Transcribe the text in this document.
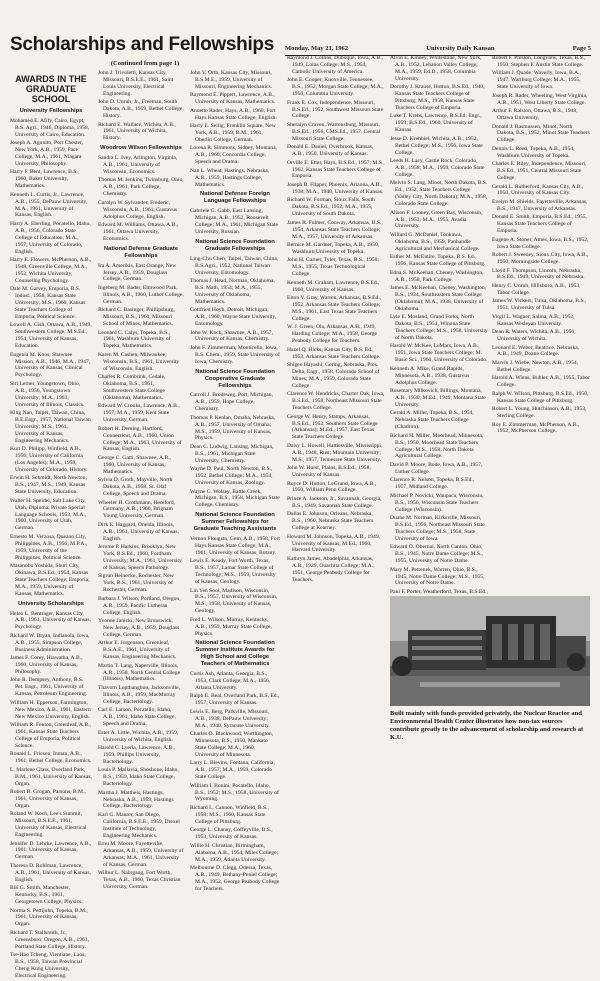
Monday, May 21, 1962	University Daily Kansan	Page 5
Scholarships and Fellowships
(Continued from page 1)
AWARDS IN THE GRADUATE SCHOOL
University Fellowships
Mohamed E. Afify, Cairo, Egypt, B.S. Agri., 1946, Diploma, 1958, University of Cairo, Education.
Joseph A. Agonito, Port Chester, New York, A.B., 1959, Pace College, M.A., 1961, Niagara University, Philosophy.
Harry F. Bent, Lawrence, B.S., 1960, Baker University, Mathematics.
Kenneth L. Curtis, Jr., Lawrence, A.B., 1955, DePauw University, M.A., 1961, University of Kansas, English.
Harry A. Eberling, Pocatello, Idaho, A.B., 1956, Colorado State College of Education, M.A., 1957, University of Colorado, English.
Harry E. Flowers, McPherson, A.B., 1948, Greenville College, M.A., 1952, Wichita University, Counseling Psychology.
Dale M. Garvey, Emporia, B.S. Indust., 1958, Kansas State University; M.S., 1960, Kansas State Teachers College of Emporia, Political Science.
Lowell A. Gish, Ottawa, A.B., 1949, Southwestern College; M.S.Ed., 1954, University of Kansas, Education.
Eugenia M. Koos, Shawnee Mission, A.B., 1946, M.A., 1947, University of Kansas, Clinical Psychology.
Siri Lerner, Youngstown, Ohio, A.B., 1956, Youngstown University; M.A., 1961, University of Illinois, Classics.
King Nan, Taipei, Taiwan, China, B.E.Engr., 1957, National Taiwan University; M.S., 1961, University of Kansas, Engineering Mechanics.
Kurt D. Philipp, Winfield, A.B., 1956; University of California (Los Angeles); M.A., 1959, University of Colorado, History.
Erwin H. Schmidt, North Newton, B.S., 1947, M.S., 1949, Kansas State University, Education.
Walter H. Speidel, Salt Lake City, Utah, Diploma, Private Special Language Schools, 1953, M.A., 1960, University of Utah, German.
Ernesto M. Verzosa, Quezon City, Philippines, A.B., 1956; M.P.A., 1959, University of the Philippines, Political Science.
Masanobu Yoshida, Shuri City, Okinawa, B.S.Ed., 1954, Kansas State Teachers College, Emporia; M.A., 1959, University of Kansas, Mathematics.
University Scholarships
Helen L. Bentrager, Kansas City, A.B., 1961, University of Kansas, Psychology.
Richard W. Bryan, Indianola, Iowa, A.B., 1955, Simpson College, Business Administration.
James F. Corey, Hiawatha, A.B., 1960, University of Kansas, Philosophy.
John R. Dempsey, Anthony, B.S. Pet. Engr., 1961, University of Kansas, Petroleum Engineering.
William H. Epperson, Farmington, New Mexico, A.B., 1961, Eastern New Mexico University, English.
William R. Fenton, Greenleaf, A.B., 1961, Kansas State Teachers College of Emporia, Political Science.
Ronald L. Friesen, Inman, A.B., 1961, Bethel College, Economics.
L. Marlene Glass, Overland Park, B.M., 1961, University of Kansas, Organ.
Robert B. Grogan, Parsons, B.M., 1961, University of Kansas, Organ.
Roland W. Koch, Lee's Summit, Missouri, B.S.E.E., 1961, University of Kansas, Electrical Engineering.
Jennifer D. Lehrke, Lawrence, A.B., 1961, University of Kansas, German.
Theresa D. Rohlman, Lawrence, A.B., 1961, University of Kansas, English.
Bill G. Smith, Manchester, Kentucky, B.S., 1961, Georgetown College, Physics.
Norma S. Pettijohn, Topeka, B.M., 1961, University of Kansas, Organ.
Richard T. Stallsmith, Jr., Greensboro, Oregon, A.B., 1961, Portland State College, History.
Tse-Hao Tcheng, Vientiane, Laos, B.S., 1958, Taiwan Provincial Cheng Kung University, Electrical Engineering.
John J. Trivoletti, Kansas City, Missouri, B.S.E.E., 1961, Saint Louis University, Electrical Engineering.
John D. Unruh, Jr., Freeman, South Dakota, A.B., 1959, Bethel College, History.
Richard E. Wallace, Wichita, A.B., 1961, University of Wichita, History.
Woodrow Wilson Fellowships
Sandra L. Ivey, Arlington, Virginia, A.B., 1961, University of Wisconsin, Economics.
Thomas M. Jenkins, Twinsburg, Ohio, A.B., 1961, Park College, Chemistry.
Carolyn W. Sylvander, Frederic, Wisconsin, A.B., 1961, Gustavus Adolphus College, English.
Edward M. Williams, Ottawa, A.B., 1961, Ottawa University, Economics.
National Defense Graduate Fellowships
Ira A. Amerikis, East Orange, New Jersey, A.B., 1959, Douglass College, German.
Ingeberg M. Bader, Elmwood Park, Illinois, A.B., 1960, Luther College, German.
Richard C. Basinger, Phillipsburg, Missouri, B.S., 1960, Missouri School of Mines, Mathematics.
Leonard C. Calys, Topeka, B.S., 1961, Washburn University of Topeka, Mathematics.
Karen M. Cashen, Milwaukee, Wisconsin, B.S., 1961, University of Wisconsin, English.
Charles R. Combrink, Cedale, Oklahoma, B.S., 1961, Southwestern State College (Oklahoma), Mathematics.
Edward W. Crooks, Lawrence, A.B., 1957; M.A., 1959, Kent State University, German.
Robert H. Deming, Hartford, Connecticut, A.B., 1960, Union College; M.A., 1963, University of Kansas, English.
George C. Gatti, Shawnee, A.B., 1960, University of Kansas, Mathematics.
Sylvia D. Groth, Mayville, North Dakota, A.B., 1958, St. Olaf College, Speech and Drama.
Wheeler H. Grothmann, Hereford, Germany, A.B., 1960, Brigham Young University, German.
Dirk E. Haggard, Oneida, Illinois, A.B., 1961, University of Kansas, English.
Jerome P. Harkins, Brooklyn, New York, B.S.Ed., 1960, Fordham University; M.A., 1961, University of Kansas, Speech Pathology.
Sigrun Heinecke, Rochester, New York, B.S., 1961, University of Rochester, German.
Barbara J. Wilson, Portland, Oregon, A.B., 1959, Pacific Lutheran College, English.
Yvonne Janicki, New Brunswick, New Jersey, A.B., 1959, Douglass College, German.
Arthur E. Jorgenson, Greenleaf, B.S.A.E., 1961, University of Kansas, Engineering Mechanics.
Martin T. Lang, Naperville, Illinois, A.B., 1958, North Central College (Illinois), Mathematics.
Thavorn Lopthangbon, Jacksonville, Illinois, A.B., 1959, MacMurray College, Bacteriology.
Carl E. Larson, Pocatello, Idaho, A.B., 1961, Idaho State College, Speech and Drama.
Ester A. Little, Wichita, A.B., 1959, University of Wichita, English.
Harold C. Lyerla, Lawrence, A.B., 1959, Phillips University, Bacteriology.
Louis P. Mallavia, Shoshone, Idaho, B.S., 1959, Idaho State College, Bacteriology.
Martha J. Mattheis, Hastings, Nebraska, A.B., 1959, Hastings College, Bacteriology.
Karl G. Maurer, San Diego, California, B.S.E.E., 1959, Drexel Institute of Technology, Engineering Mechanics.
Ernu M. Moore, Fayetteville, Arkansas, A.B., 1959, University of Arkansas; M.A., 1961, University of Kansas, German.
Wilbur L. Nabrgang, Fort Worth, Texas, A.B., 1960, Texas Christian University, German.
John V. Orth, Kansas City, Missouri, B.S.M.E., 1959, University of Missouri, Engineering Mechanics.
Raymond E. Pippert, Lawrence, A.B., University of Kansas, Mathematics.
Annette Rader, Hays, A.B., 1960, Fort Hays Kansas State College, English.
Harry E. Seilig, Franklin Square, New York, A.B., 1959; B.M., 1961, Oberlin College, German.
Lorena R. Simmons, Sidney, Montana, A.B., 1960, Concordia College, Speech and Drama.
Nan L. Wheat, Hastings, Nebraska, A.B., 1959, Hastings College, Mathematics.
National Defense Foreign Language Fellowships
Gabriele G. Gabb, East Lansing, Michigan, A.B., 1952, Roosevelt College; M.A., 1961, Michigan State University, Russian.
National Science Foundation Graduate Fellowships
Ling-Chu Chen, Taipei, Taiwan, China, B.S.Agri., 1952, National Taiwan University, Entomology.
Thomas J. Head, Norman, Oklahoma, B.S. Math, 1954; M.A., 1955, University of Oklahoma, Mathematics.
Gottfried Hoyb, Detroit, Michigan, A.B., 1960, Wayne State University, Entomology.
John W. Koch, Shawnee, A.B., 1957, University of Kansas, Chemistry.
John F. Zimmerman, Monticello, Iowa, B.S. Chem., 1959, State University of Iowa, Chemistry.
National Science Foundation Cooperative Graduate Fellowships
Carroll J. Brodeweg, Port, Michigan, A.B., 1959, Hope College, Chemistry.
Thomas P. Kenlan, Omaha, Nebraska, A.B., 1957, University of Omaha; M.S., 1959, University of Kansas, Physics.
Dean C. Ludwig, Lansing, Michigan, B.S., 1961, Michigan State University, Chemistry.
Wayne D. Paul, North Newton, B.S., 1952, Bethel College; M.A., 1954, University of Kansas, Zoology.
Wayne C. Wolsey, Battle Creek, Michigan, B.S., 1958, Michigan State College, Chemistry.
National Science Foundation Summer Fellowships for Graduate Teaching Assistants
Vernon Flougstn, Gem, A.B., 1958, Fort Hays Kansas State College, M.A., 1961, University of Kansas, Botany.
Lewis E. Keady, Fort Worth, Texas, B.S., 1957, Lamar State College of Technology; M.S., 1959, University of Kansas, Geology.
Lin Yen Sooi, Madison, Wisconsin, B.S., 1957, University of Wisconsin, M.S., 1958, University of Kansas, Geology.
Fred L. Wilson, Murray, Kentucky, A.B., 1959, Murray State College, Physics.
National Science Foundation Summer Institute Awards for High School and College Teachers of Mathematics
Curtis Ash, Atlanta, Georgia, B.S., 1953, Clark College; M.A., 1956, Atlanta University.
Ralph E. Beal, Overland Park, B.S. Ed., 1957, University of Kansas.
Lewis E. Berg, Parkville, Missouri, A.B., 1938, DePauw University; M.A., 1940, Syracuse University.
Charles O. Blackwood, Worthington, Minnesota, B.S., 1950, Mankato State College; M.A., 1960, University of Minnesota.
Larry L. Blevins, Fontana, California, A.B., 1957; M.A., 1959, Colorado State College.
William I. Bonini, Pocatello, Idaho, B.S., 1952; M.S., 1958, University of Wyoming.
Richard L. Cannon, Winfield, B.S., 1958; M.S., 1960, Kansas State College of Pittsburg.
George L. Chaney, Coffeyville, B.S., 1953, University of Kansas.
Willie H. Christian, Birmingham, Alabama, A.B., 1954, Miles College; M.A., 1959, Atlanta University.
Melbourne D. Clegg, Odessa, Texas, A.B., 1949, Bethany-Peniel College; M.A., 1952, George Peabody College for Teachers.
Raymond J. Collins, Dubuque, Iowa, A.B., 1949, Loras College; M.S., 1954, Catholic University of America.
John E. Cooper, Knoxville, Tennessee, B.S., 1952, Morgan State College; M.A., 1956, Columbia University.
Frank E. Cox, Independence, Missouri, B.S.Ed., 1952, Southwest Missouri State College.
Sheralyn Craven, Warrensburg, Missouri, B.S.Ed., 1956, CMS.Ed., 1957, Central Missouri State College.
Donald E. Daniel, Overbrook, Kansas, A.B., 1950, University of Kansas.
Orville E. Etter, Hays, B.S.Ed., 1957; M.S., 1962, Kansas State Teachers College of Emporia.
Joseph B. Flipper, Phoenix, Arizona, A.B., 1938; M.A., 1940, University of Kansas.
Richard W. Forman, Sioux Falls, South Dakota, B.S.Ed., 1952; M.A., 1955, University of South Dakota.
James R. Fulmer, Conway, Arkansas, B.S., 1954, Arkansas State Teachers College; M.A., 1957, University of Arkansas.
Bernice M. Gardner, Topeka, A.B., 1950, Washburn University of Topeka.
John H. Garner, Tyler, Texas, B.S., 1950; M.S., 1955, Texas Technological College.
Kenneth M. Graham, Lawrence, B.S.Ed., 1960, University of Kansas.
Elton V. Gray, Warren, Arkansas, B.S.Ed., 1952, Arkansas State Teachers College; M.S., 1961, East Texas State Teachers College.
W. J. Green, Ola, Arkansas, A.B., 1949, Harding College; M.A., 1958, George Peabody College for Teachers.
Hazel Q. Hicks, Kansas City, B.S. Ed., 1953, Arkansas State Teachers College.
Shigeo Hayashi, Gering, Nebraska, Pres. Delta, Engr., 1958, Colorado School of Mines; M.A., 1959, Colorado State College.
Clarence W. Hendricks, Charter Oak, Iowa, B.S.Ed., 1958, Northeast Missouri State Teachers College.
George W. Henry, Stamps, Arkansas, B.S.Ed., 1952, Southern State College (Arkansas); M.Ed., 1957, East Texas State Teachers College.
Daisy L. Howell, Hattiesville, Mississippi, A.B., 1948, Rust; Mountain University; M.S., 1957, Tennessee State University.
John W. Hurst, Plains, B.S.Ed., 1958, University of Kansas.
Royce D. Hutton, LeGrand, Iowa, A.B., 1950, William Penn College.
Prince A. Jackson, Jr., Savannah, Georgia, B.S., 1949, Savannah State College.
Dallas E. Johnson, Orleans, Nebraska, B.S., 1960, Nebraska State Teachers College at Kearney.
Howard M. Johnson, Topeka, A.B., 1949, University of Kansas; M.Ed., 1960, Harvard University.
Kathryn James, Abadelphia, Arkansas, A.B., 1929, Ouachita College; M.A., 1951, George Peabody College for Teachers.
Alvin E. Kinney, Whitestone, New York, A.B., 1952, Lebanon Valley College; M.A., 1959; Ed.D., 1958, Columbia University.
Dorothy J. Krause, Hutton, B.S.Ed., 1940, Kansas State Teachers College of Pittsburg; M.S., 1958, Kansas State Teachers College of Emporia.
Luke T. Krebs, Lawrence, B.S.Ed. Engr., 1959; B.S.Ed., 1960, University of Kansas.
Jesse D. Krehbiel, Wichita, A.B., 1952, Bethel College; M.S., 1956, Iowa State College.
Leeds H. Lacy, Castle Rock, Colorado, A.B., 1958; M.A., 1959, Colorado State College.
Melvin S. Lang, Minot, North Dakota, B.S. Ed., 1952, State Teachers College (Valley City, North Dakota); M.A., 1958, Colorado State College.
Alison F. Looney, Green Bay, Wisconsin, A.B., 1953; M.A., 1955, Avadia University.
Willard G. McDaniel, Tonkawa, Oklahoma, B.S., 1959, Panhandle Agricultural and Mechanical College.
Esther M. McEntire, Topeka, B.S. Ed., 1956, Kansas State College of Pittsburg.
Edna S. McKeehan, Cheney, Washington, A.B., 1958, Park College.
James E. McKeehan, Cheney, Washington, B.S., 1934, Southeastern State College (Oklahoma); M.A., 1938, University of Oklahoma.
Lyle E. Mosland, Grand Forks, North Dakota, B.S., 1951, Winona State Teachers College; M.S., 1958, University of North Dakota.
Harold W. McKee, LeMars, Iowa, A.B., 1951, Iowa State Teachers College; M. Basic Sci., 1960, University of Colorado.
Kenneth A. Mike, Grand Rapids, Minnesota, A.B., 1938, Gustavus Adolphus College.
Rosemary Milkovich, Billings, Montana, A.B., 1930; M.Ed., 1949, Montana State University.
Gerald A. Miller, Topeka, B.S., 1954, Nebraska State Teachers College (Chadron).
Richard H. Miller, Moorhead, Minnesota, B.S., 1950, Moorhead State Teachers College; M.S., 1958, North Dakota Agricultural College.
David P. Moore, Bode, Iowa, A.B., 1957, Luther College.
Clarence R. Nelson, Topeka, B.S.Ed., 1957, Midland College.
Michael P. Novicki, Waupaca, Wisconsin, B.S., 1956, Wisconsin State Teachers College (Wisconsin).
Duane M. Norman, Kirksville, Missouri, B.S.Ed., 1956, Northeast Missouri State Teachers College; M.S., 1958, State University of Iowa.
Edward O. Obernai, North Canton, Ohio, B.S., 1945, Notre Dame College; M.S., 1955, University of Notre Dame.
Mary M. Petrenek, Warren, Ohio, B.S., 1945, Notre Dame College; M.S., 1955, University of Notre Dame.
Paul F. Porter, Weatherford, Texas, B.S.Ed.,
Robert F. Preston, Longview, Texas, B.S., 1950, Stephen F. Austin State College.
William J. Quade, Waverly, Iowa, B.A., 1947, Wartburg College; M.A., 1955, State University of Iowa.
Joseph R. Rader, Wheeling, West Virginia, A.B., 1951, West Liberty State College.
Arthur F. Ralston, Ottawa, B.S., 1948, Ottawa University.
Donald J. Rasmussen, Minot, North Dakota, B.S., 1952, Minot State Teachers College.
Dennis L. Reed, Topeka, A.B., 1954, Washburn University of Topeka.
Charles E. Riley, Independence, Missouri, B.S.Ed., 1951, Central Missouri State College.
Gerald L. Rutherford, Kansas City, A.B., 1950, University of Kansas City.
Evelyn M. Shields, Fayetteville, Arkansas, B.S., 1947, University of Arkansas.
Donald E. Smith, Emporia, B.S.Ed., 1955, Kansas State Teachers College of Emporia.
Eugene A. Stoner, Ames, Iowa, B.S., 1952, Iowa State College.
Robert J. Sweeney, Sioux City, Iowa, A.B., 1950, Morningside College.
Lloyd F. Thompson, Lincoln, Nebraska, B.S.Ed., 1949, University of Nebraska.
Henry C. Unruh, Hillsboro, A.B., 1953, Tabor College.
James W. Vickers, Tulsa, Oklahoma, B.S., 1951, University of Tulsa.
Virgil L. Wagner, Salina, A.B., 1952, Kansas Wesleyan University.
Dean R. Waters, Wichita, A.B., 1956, University of Wichita.
Leonard E. Weber, Beatrice, Nebraska, A.B., 1949, Doane College.
Marvin J. Wiebe, Newton, A.B., 1954, Bethel College.
Harold A. Wiens, Buhler, A.B., 1955, Tabor College.
Ralph W. Wilson, Pittsburg, B.S.Ed., 1950, Kansas State College of Pittsburg.
Robert L. Young, Hutchinson, A.B., 1953, Sterling College.
Roy E. Zimmerman, McPherson, A.B., 1952, McPherson College.
Built mainly with funds provided privately, the Nuclear Reactor and Environmental Health Center illustrates how non-tax sources contribute greatly to the advancement of scholarship and research at K.U.
